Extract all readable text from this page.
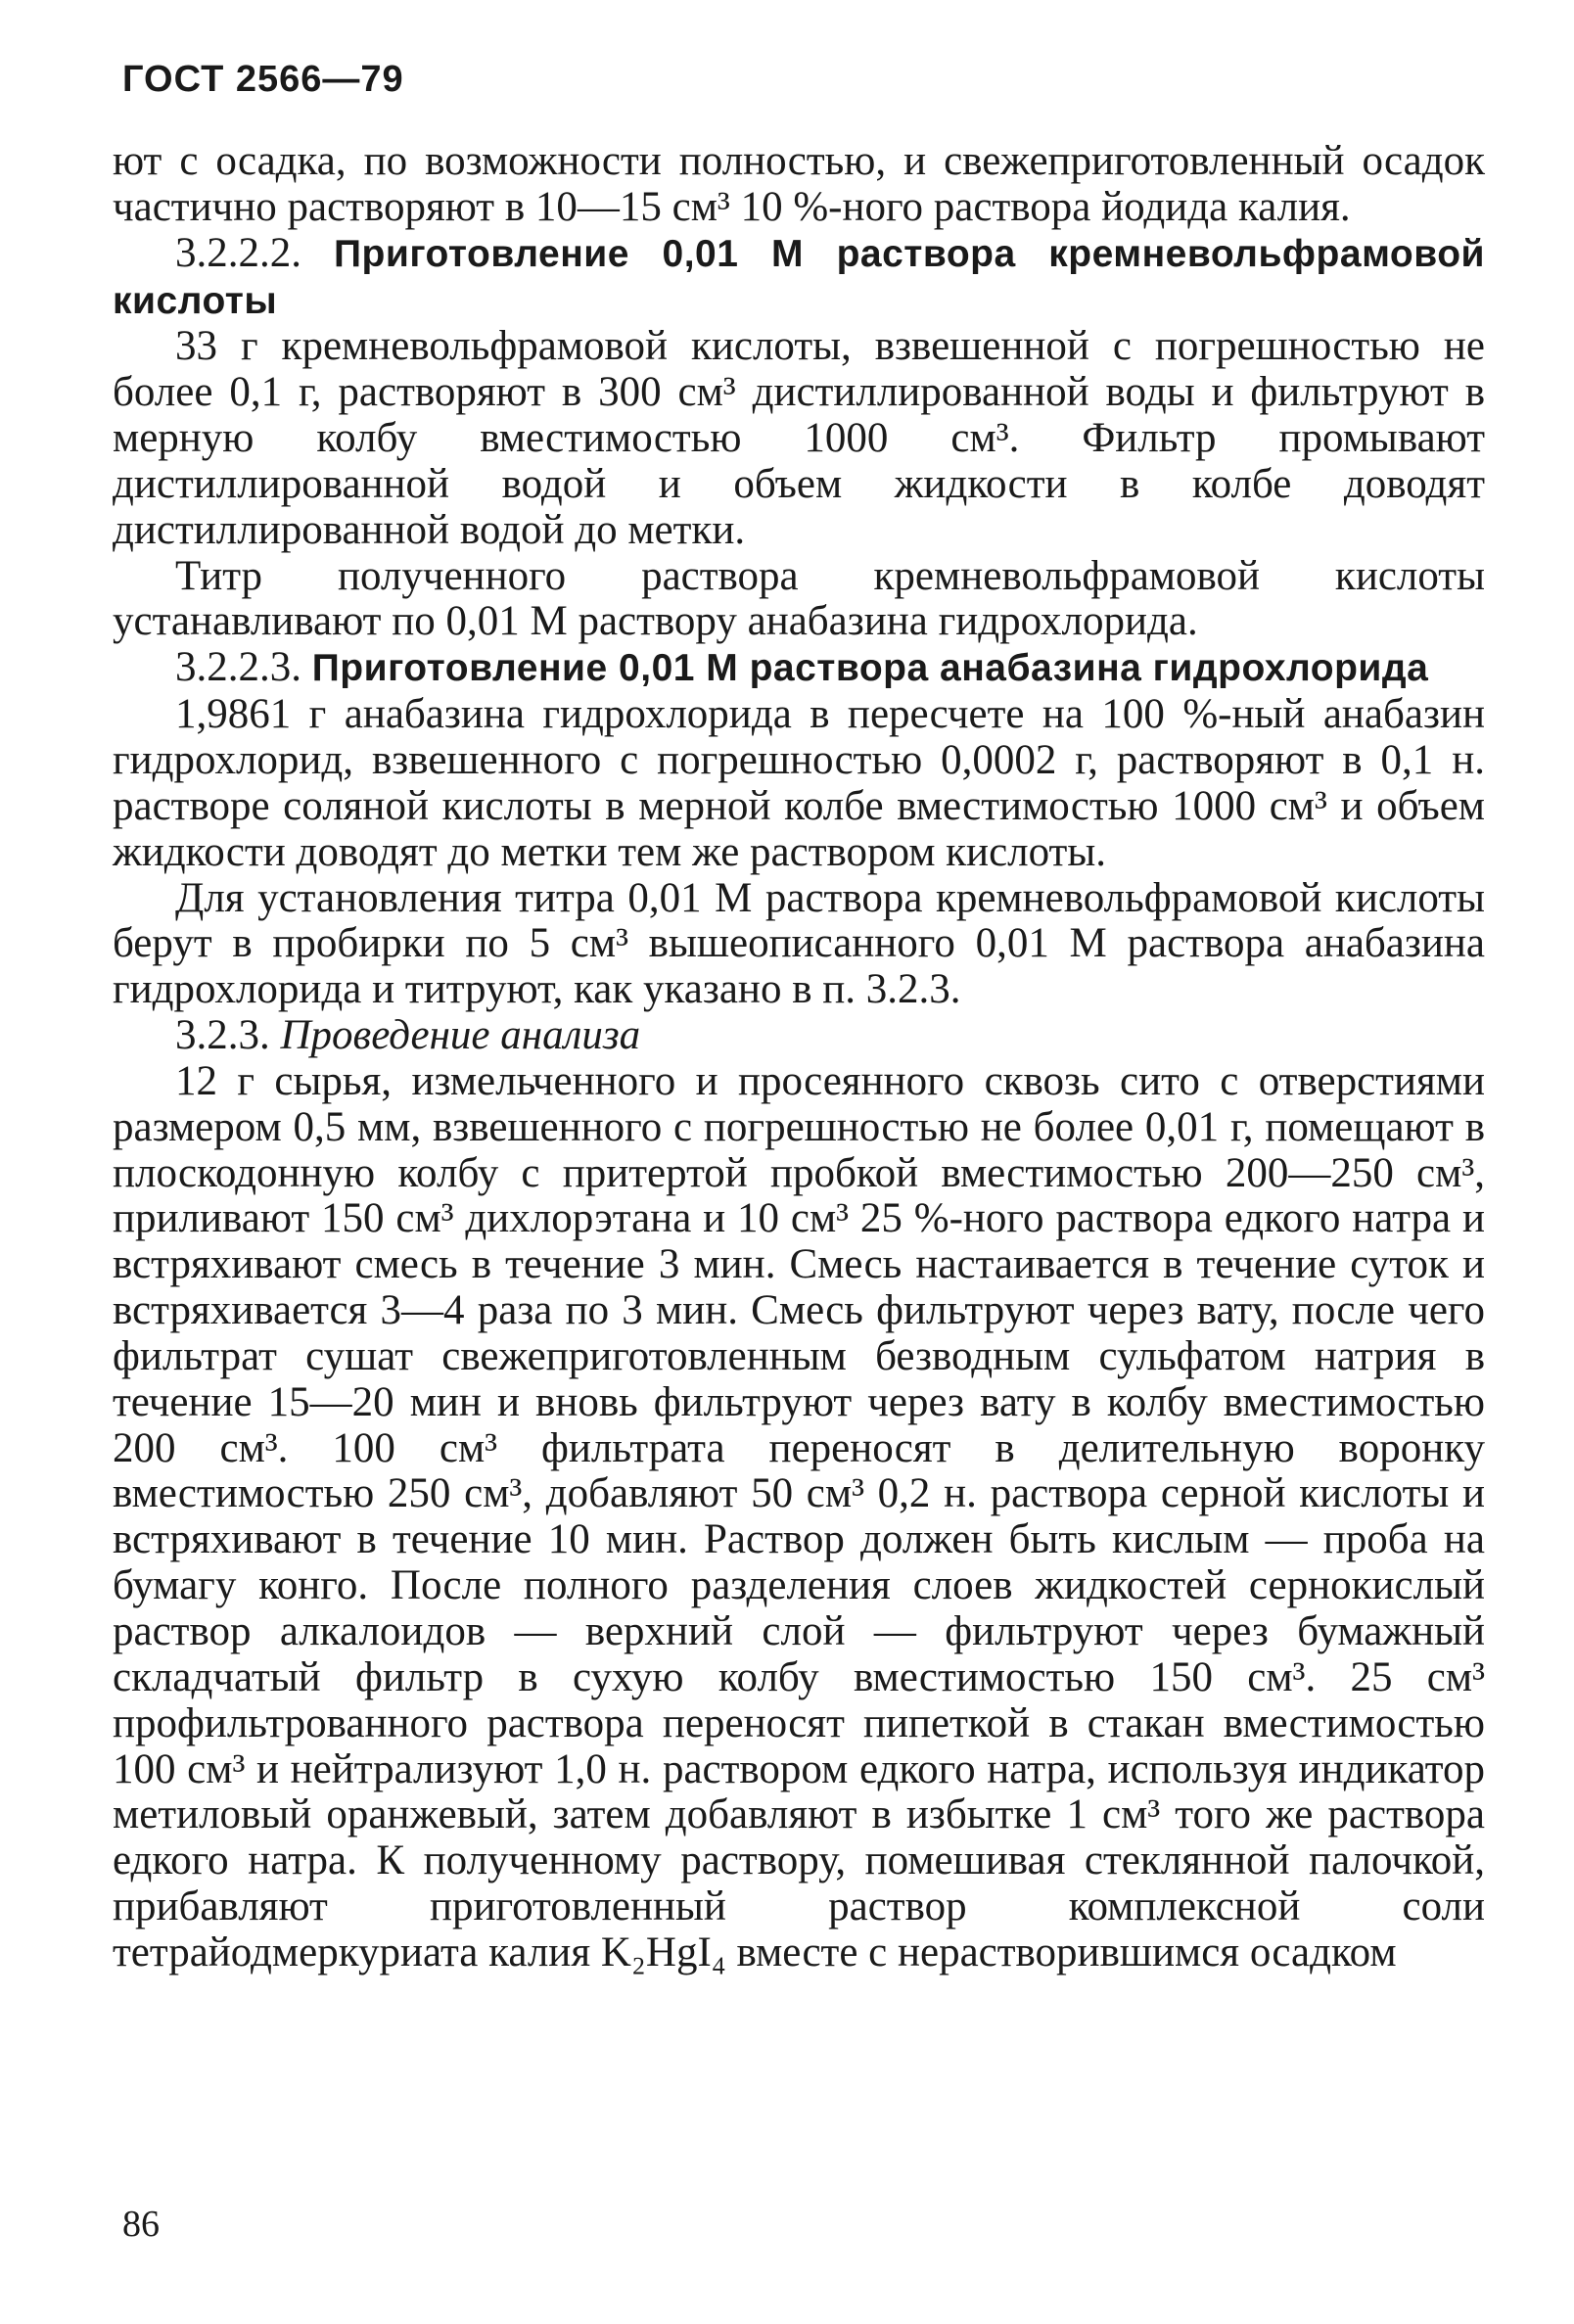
ГОСТ 2566—79

ют с осадка, по возможности полностью, и свежеприготовленный осадок частично растворяют в 10—15 см³ 10 %-ного раствора йодида калия.

3.2.2.2. Приготовление 0,01 М раствора кремневольфрамовой кислоты

33 г кремневольфрамовой кислоты, взвешенной с погрешностью не более 0,1 г, растворяют в 300 см³ дистиллированной воды и фильтруют в мерную колбу вместимостью 1000 см³. Фильтр промывают дистиллированной водой и объем жидкости в колбе доводят дистиллированной водой до метки.

Титр полученного раствора кремневольфрамовой кислоты устанавливают по 0,01 М раствору анабазина гидрохлорида.

3.2.2.3. Приготовление 0,01 М раствора анабазина гидрохлорида

1,9861 г анабазина гидрохлорида в пересчете на 100 %-ный анабазин гидрохлорид, взвешенного с погрешностью 0,0002 г, растворяют в 0,1 н. растворе соляной кислоты в мерной колбе вместимостью 1000 см³ и объем жидкости доводят до метки тем же раствором кислоты.

Для установления титра 0,01 М раствора кремневольфрамовой кислоты берут в пробирки по 5 см³ вышеописанного 0,01 М раствора анабазина гидрохлорида и титруют, как указано в п. 3.2.3.

3.2.3. Проведение анализа

12 г сырья, измельченного и просеянного сквозь сито с отверстиями размером 0,5 мм, взвешенного с погрешностью не более 0,01 г, помещают в плоскодонную колбу с притертой пробкой вместимостью 200—250 см³, приливают 150 см³ дихлорэтана и 10 см³ 25 %-ного раствора едкого натра и встряхивают смесь в течение 3 мин. Смесь настаивается в течение суток и встряхивается 3—4 раза по 3 мин. Смесь фильтруют через вату, после чего фильтрат сушат свежеприготовленным безводным сульфатом натрия в течение 15—20 мин и вновь фильтруют через вату в колбу вместимостью 200 см³. 100 см³ фильтрата переносят в делительную воронку вместимостью 250 см³, добавляют 50 см³ 0,2 н. раствора серной кислоты и встряхивают в течение 10 мин. Раствор должен быть кислым — проба на бумагу конго. После полного разделения слоев жидкостей сернокислый раствор алкалоидов — верхний слой — фильтруют через бумажный складчатый фильтр в сухую колбу вместимостью 150 см³. 25 см³ профильтрованного раствора переносят пипеткой в стакан вместимостью 100 см³ и нейтрализуют 1,0 н. раствором едкого натра, используя индикатор метиловый оранжевый, затем добавляют в избытке 1 см³ того же раствора едкого натра. К полученному раствору, помешивая стеклянной палочкой, прибавляют приготовленный раствор комплексной соли тетрайодмеркуриата калия K₂HgI₄ вместе с нерастворившимся осадком

86
